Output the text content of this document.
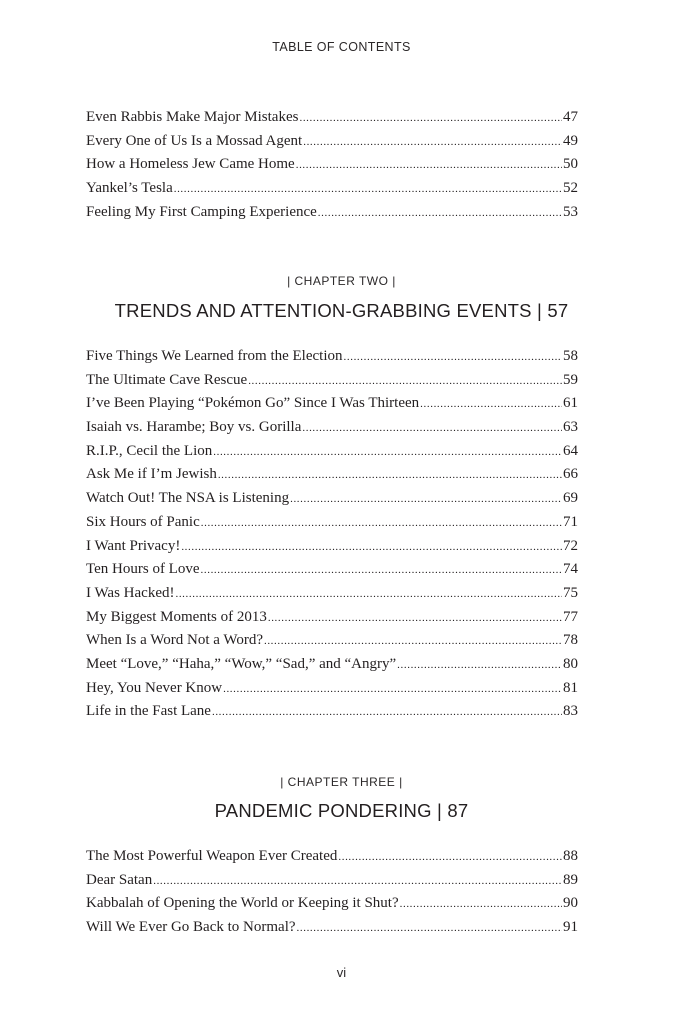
TABLE OF CONTENTS
Even Rabbis Make Major Mistakes .....	47
Every One of Us Is a Mossad Agent .....	49
How a Homeless Jew Came Home .....	50
Yankel’s Tesla .....	52
Feeling My First Camping Experience .....	53
| CHAPTER TWO |
TRENDS AND ATTENTION-GRABBING EVENTS | 57
Five Things We Learned from the Election .....	58
The Ultimate Cave Rescue .....	59
I’ve Been Playing “Pokémon Go” Since I Was Thirteen .....	61
Isaiah vs. Harambe; Boy vs. Gorilla .....	63
R.I.P., Cecil the Lion .....	64
Ask Me if I’m Jewish .....	66
Watch Out! The NSA is Listening .....	69
Six Hours of Panic .....	71
I Want Privacy! .....	72
Ten Hours of Love .....	74
I Was Hacked! .....	75
My Biggest Moments of 2013 .....	77
When Is a Word Not a Word? .....	78
Meet “Love,” “Haha,” “Wow,” “Sad,” and “Angry” .....	80
Hey, You Never Know .....	81
Life in the Fast Lane .....	83
| CHAPTER THREE |
PANDEMIC PONDERING | 87
The Most Powerful Weapon Ever Created .....	88
Dear Satan .....	89
Kabbalah of Opening the World or Keeping it Shut? .....	90
Will We Ever Go Back to Normal? .....	91
vi
